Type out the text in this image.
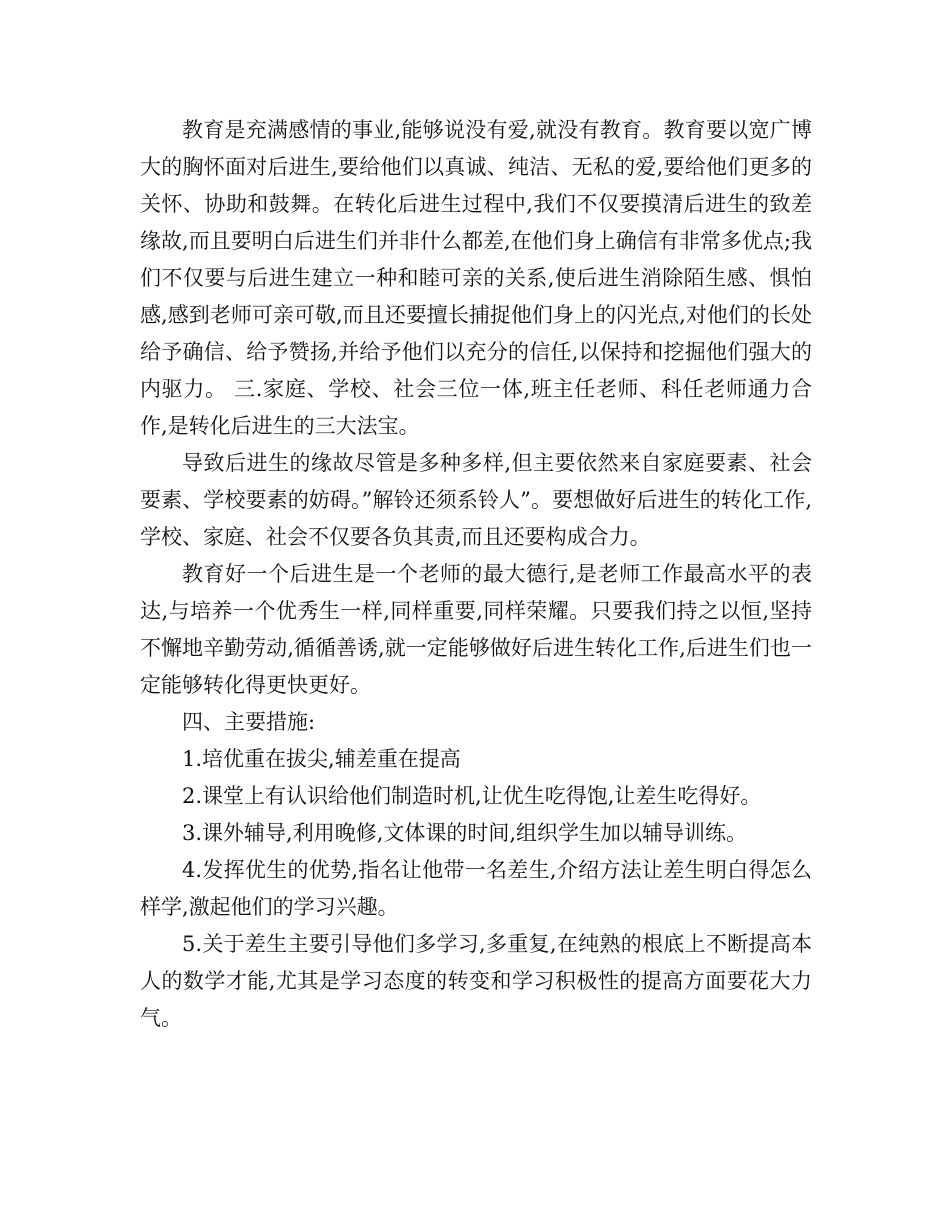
教育是充满感情的事业,能够说没有爱,就没有教育。教育要以宽广博大的胸怀面对后进生,要给他们以真诚、纯洁、无私的爱,要给他们更多的关怀、协助和鼓舞。在转化后进生过程中,我们不仅要摸清后进生的致差缘故,而且要明白后进生们并非什么都差,在他们身上确信有非常多优点;我们不仅要与后进生建立一种和睦可亲的关系,使后进生消除陌生感、惧怕感,感到老师可亲可敬,而且还要擅长捕捉他们身上的闪光点,对他们的长处给予确信、给予赞扬,并给予他们以充分的信任,以保持和挖掘他们强大的内驱力。 三.家庭、学校、社会三位一体,班主任老师、科任老师通力合作,是转化后进生的三大法宝。

导致后进生的缘故尽管是多种多样,但主要依然来自家庭要素、社会要素、学校要素的妨碍。”解铃还须系铃人”。要想做好后进生的转化工作,学校、家庭、社会不仅要各负其责,而且还要构成合力。

教育好一个后进生是一个老师的最大德行,是老师工作最高水平的表达,与培养一个优秀生一样,同样重要,同样荣耀。只要我们持之以恒,坚持不懈地辛勤劳动,循循善诱,就一定能够做好后进生转化工作,后进生们也一定能够转化得更快更好。

四、主要措施:

1.培优重在拔尖,辅差重在提高

2.课堂上有认识给他们制造时机,让优生吃得饱,让差生吃得好。

3.课外辅导,利用晚修,文体课的时间,组织学生加以辅导训练。

4.发挥优生的优势,指名让他带一名差生,介绍方法让差生明白得怎么样学,激起他们的学习兴趣。

5.关于差生主要引导他们多学习,多重复,在纯熟的根底上不断提高本人的数学才能,尤其是学习态度的转变和学习积极性的提高方面要花大力气。
